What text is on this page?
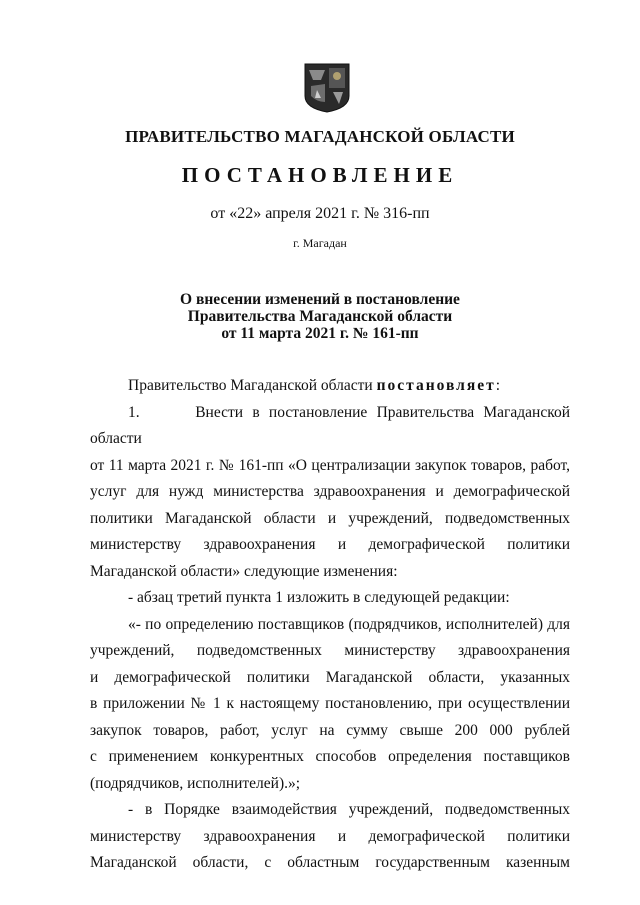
ПРАВИТЕЛЬСТВО МАГАДАНСКОЙ ОБЛАСТИ
ПОСТАНОВЛЕНИЕ
от «22» апреля 2021 г. № 316-пп
г. Магадан
О внесении изменений в постановление
Правительства Магаданской области
от 11 марта 2021 г. № 161-пп

Правительство Магаданской области постановляет:

1.	Внести в постановление Правительства Магаданской области
от 11 марта 2021 г. № 161-пп «О централизации закупок товаров, работ,
услуг для нужд министерства здравоохранения и демографической
политики Магаданской области и учреждений, подведомственных
министерству здравоохранения и демографической политики
Магаданской области» следующие изменения:
- абзац третий пункта 1 изложить в следующей редакции:
«- по определению поставщиков (подрядчиков, исполнителей) для
учреждений, подведомственных министерству здравоохранения
и демографической политики Магаданской области, указанных
в приложении № 1 к настоящему постановлению, при осуществлении
закупок товаров, работ, услуг на сумму свыше 200 000 рублей
с применением конкурентных способов определения поставщиков
(подрядчиков, исполнителей).»;
- в Порядке взаимодействия учреждений, подведомственных
министерству здравоохранения и демографической политики
Магаданской области, с областным государственным казенным
